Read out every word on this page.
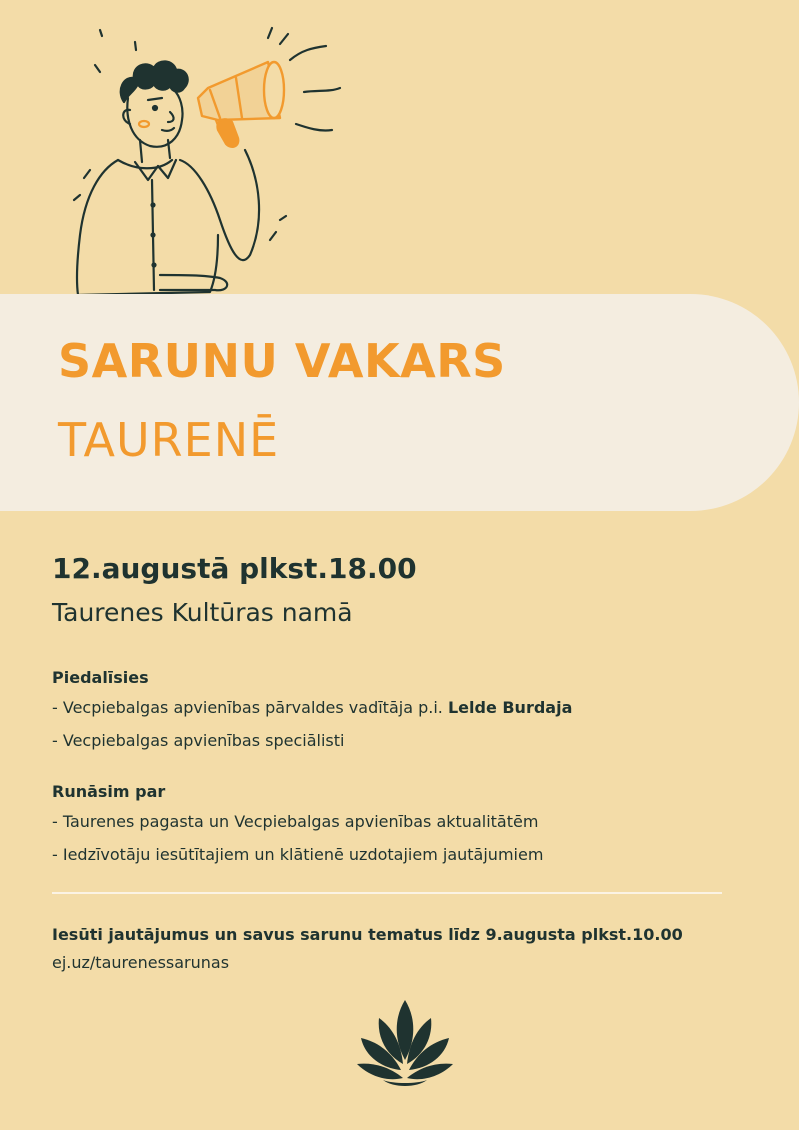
SARUNU VAKARS
TAURENĒ

12.augustā plkst.18.00

Taurenes Kultūras namā

Piedalīsies

- Vecpiebalgas apvienības pārvaldes vadītāja p.i. Lelde Burdaja

- Vecpiebalgas apvienības speciālisti

Runāsim par

- Taurenes pagasta un Vecpiebalgas apvienības aktualitātēm

- Iedzīvotāju iesūtītajiem un klātienē uzdotajiem jautājumiem

Iesūti jautājumus un savus sarunu tematus līdz 9.augusta plkst.10.00

ej.uz/taurenessarunas
